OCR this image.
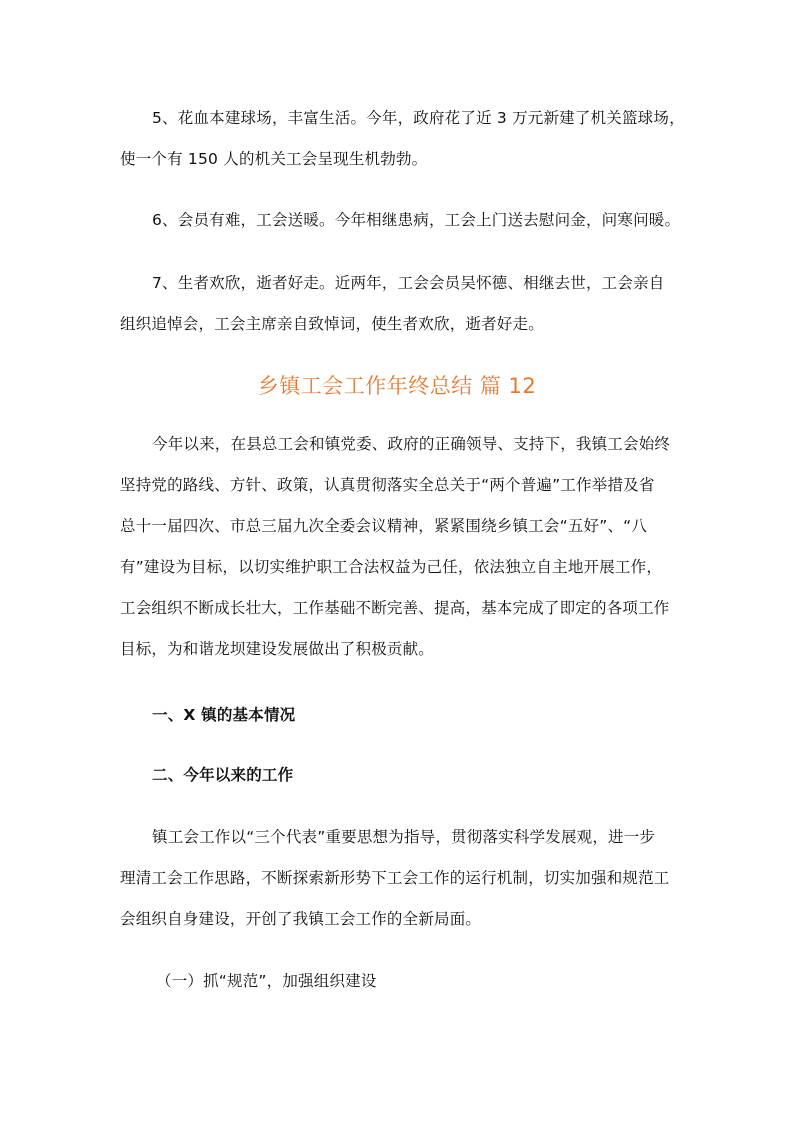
5、花血本建球场，丰富生活。今年，政府花了近 3 万元新建了机关篮球场，
使一个有 150 人的机关工会呈现生机勃勃。
6、会员有难，工会送暖。今年相继患病，工会上门送去慰问金，问寒问暖。
7、生者欢欣，逝者好走。近两年，工会会员吴怀德、相继去世，工会亲自
组织追悼会，工会主席亲自致悼词，使生者欢欣，逝者好走。
乡镇工会工作年终总结 篇 12
今年以来，在县总工会和镇党委、政府的正确领导、支持下，我镇工会始终
坚持党的路线、方针、政策，认真贯彻落实全总关于“两个普遍”工作举措及省
总十一届四次、市总三届九次全委会议精神，紧紧围绕乡镇工会“五好”、“八
有”建设为目标，以切实维护职工合法权益为己任，依法独立自主地开展工作，
工会组织不断成长壮大，工作基础不断完善、提高，基本完成了即定的各项工作
目标，为和谐龙坝建设发展做出了积极贡献。
一、X 镇的基本情况
二、今年以来的工作
镇工会工作以“三个代表”重要思想为指导，贯彻落实科学发展观，进一步
理清工会工作思路，不断探索新形势下工会工作的运行机制，切实加强和规范工
会组织自身建设，开创了我镇工会工作的全新局面。
（一）抓“规范”，加强组织建设
